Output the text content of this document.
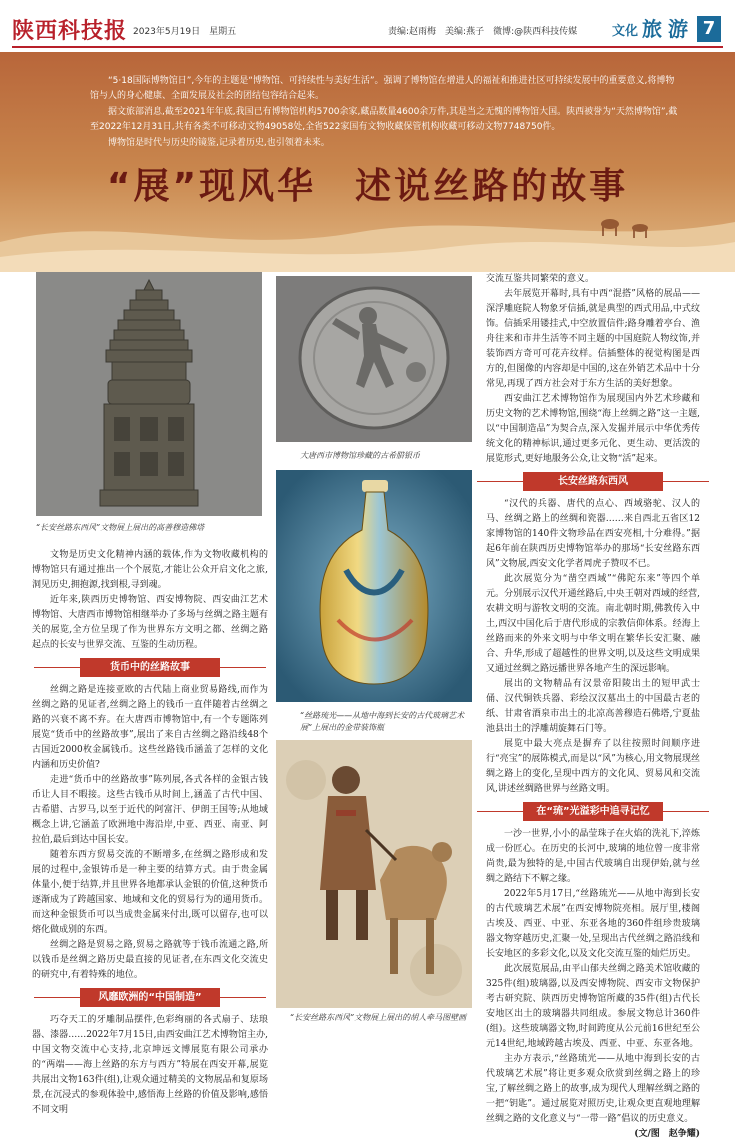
陕西科技报 2023年5月19日　星期五	责编:赵雨梅　美编:燕子　微博:@陕西科技传媒	文化 旅游 7

“5·18国际博物馆日”,今年的主题是“博物馆、可持续性与美好生活”。强调了博物馆在增进人的福祉和推进社区可持续发展中的重要意义,将博物馆与人的身心健康、全面发展及社会的团结包容结合起来。

据文旅部消息,截至2021年年底,我国已有博物馆机构5700余家,藏品数量4600余万件,其是当之无愧的博物馆大国。陕西被誉为“天然博物馆”,截至2022年12月31日,共有各类不可移动文物49058处,全省522家国有文物收藏保管机构收藏可移动文物7748750件。

博物馆是时代与历史的镜鉴,记录着历史,也引领着未来。

“展”现风华　述说丝路的故事
“长安丝路东西风”文物展上展出的高善穆造佛塔
大唐西市博物馆珍藏的古希腊银币
“丝路琉光——从地中海到长安的古代玻璃艺术展”上展出的金带装饰瓶
“长安丝路东西风”文物展上展出的胡人牵马图壁画

文物是历史文化精神内涵的载体,作为文物收藏机构的博物馆只有通过推出一个个展览,才能让公众开启文化之旅,洞见历史,拥抱源,找到根,寻到魂。

近年来,陕西历史博物馆、西安博物院、西安曲江艺术博物馆、大唐西市博物馆相继举办了多场与丝绸之路主题有关的展览,全方位呈现了作为世界东方文明之都、丝绸之路起点的长安与世界交流、互鉴的生动历程。

货币中的丝路故事

丝绸之路是连接亚欧的古代陆上商业贸易路线,而作为丝绸之路的见证者,丝绸之路上的钱币一直伴随着古丝绸之路的兴衰不离不弃。在大唐西市博物馆中,有一个专题陈列展览“货币中的丝路故事”,展出了来自古丝绸之路沿线48个古国近2000枚金属钱币。这些丝路钱币涵盖了怎样的文化内涵和历史价值?

走进“货币中的丝路故事”陈列展,各式各样的金银古钱币让人目不暇接。这些古钱币从时间上,涵盖了古代中国、古希腊、古罗马,以至于近代的阿富汗、伊朗王国等;从地域概念上讲,它涵盖了欧洲地中海沿岸,中亚、西亚、南亚、阿拉伯,最后到达中国长安。

随着东西方贸易交流的不断增多,在丝绸之路形成和发展的过程中,金银铸币是一种主要的结算方式。由于贵金属体量小,便于结算,并且世界各地都承认金银的价值,这种货币逐渐成为了跨越国家、地域和文化的贸易行为的通用货币。而这种金银货币可以当成贵金属来付出,既可以留存,也可以熔化做成别的东西。

丝绸之路是贸易之路,贸易之路就等于钱币流通之路,所以钱币是丝绸之路历史最直接的见证者,在东西文化交流史的研究中,有着特殊的地位。

风靡欧洲的“中国制造”

巧夺天工的牙雕制品摆件,色彩绚丽的各式扇子、珐琅器、漆器……2022年7月15日,由西安曲江艺术博物馆主办,中国文物交流中心支持,北京坤远文博展览有限公司承办的“两端——海上丝路的东方与西方”特展在西安开幕,展览共展出文物163件(组),让观众通过精美的文物展品和复原场景,在沉浸式的参观体验中,感悟海上丝路的价值及影响,感悟不同文明

交流互鉴共同繁荣的意义。

去年展览开幕时,具有中西“混搭”风格的展品——深浮雕庭院人物象牙信插,就是典型的西式用品,中式纹饰。信插采用镂挂式,中空放置信件;路身雕着亭台、渔舟往来和市井生活等不同主题的中国庭院人物纹饰,并装饰西方奇可可花卉纹样。信插整体的视觉构图是西方的,但图像的内容却是中国的,这在外销艺术品中十分常见,再现了西方社会对于东方生活的美好想象。

西安曲江艺术博物馆作为展现国内外艺术珍藏和历史文物的艺术博物馆,围绕“海上丝绸之路”这一主题,以“中国制造品”为契合点,深入发掘并展示中华优秀传统文化的精神标识,通过更多元化、更生动、更活泼的展览形式,更好地服务公众,让文物“活”起来。

长安丝路东西风

“汉代的兵器、唐代的点心、西域骆驼、汉人的马、丝绸之路上的丝绸和瓷器……来自西北五省区12家博物馆的140件文物珍品在西安亮相,十分难得。”据起6年前在陕西历史博物馆举办的那场“长安丝路东西风”文物展,西安文化学者周虎子赞叹不已。

此次展览分为“凿空西域”“佛陀东来”等四个单元。分别展示汉代开通丝路后,中央王朝对西域的经营,农耕文明与游牧文明的交流。南北朝时期,佛教传入中土,西汉中国化后于唐代形成的宗教信仰体系。经海上丝路而来的外来文明与中华文明在繁华长安汇聚、融合、升华,形成了超越性的世界文明,以及这些文明成果又通过丝绸之路远播世界各地产生的深远影响。

展出的文物精品有汉景帝阳陵出土的短甲武士俑、汉代铜铁兵器、彩绘汉汉墓出土的中国最古老的纸、甘肃省酒泉市出土的北凉高善穆造石佛塔,宁夏盐池县出土的浮雕胡旋舞石门等。

展览中最大亮点是摒弃了以往按照时间顺序进行“亮宝”的展陈模式,而是以“风”为核心,用文物展现丝绸之路上的变化,呈现中西方的文化风、贸易风和交流风,讲述丝绸路世界与丝路文明。

在“琉”光溢彩中追寻记忆

一沙一世界,小小的晶莹珠子在火焰的洗礼下,淬炼成一份匠心。在历史的长河中,玻璃的地位曾一度非常尚贵,最为独特的是,中国古代玻璃自出现伊始,就与丝绸之路结下不解之缘。

2022年5月17日,“丝路琉光——从地中海到长安的古代玻璃艺术展”在西安博物院亮相。展厅里,楼阁古埃及、西亚、中亚、东亚各地的360件组珍贵玻璃器文物穿越历史,汇聚一处,呈现出古代丝绸之路沿线和长安地区的多彩文化,以及文化交流互鉴的灿烂历史。

此次展览展品,由平山郁夫丝绸之路美术馆收藏的325件(组)玻璃器,以及西安博物院、西安市文物保护考古研究院、陕西历史博物馆所藏的35件(组)古代长安地区出土的玻璃器共同组成。参展文物总计360件(组)。这些玻璃器文物,时间跨度从公元前16世纪至公元14世纪,地域跨越古埃及、西亚、中亚、东亚各地。

主办方表示,“丝路琉光——从地中海到长安的古代玻璃艺术展”将让更多观众欣赏到丝绸之路上的珍宝,了解丝绸之路上的故事,成为现代人理解丝绸之路的一把“钥匙”。通过展览对照历史,让观众更直观地理解丝绸之路的文化意义与“一带一路”倡议的历史意义。

(文/图　赵争耀)
